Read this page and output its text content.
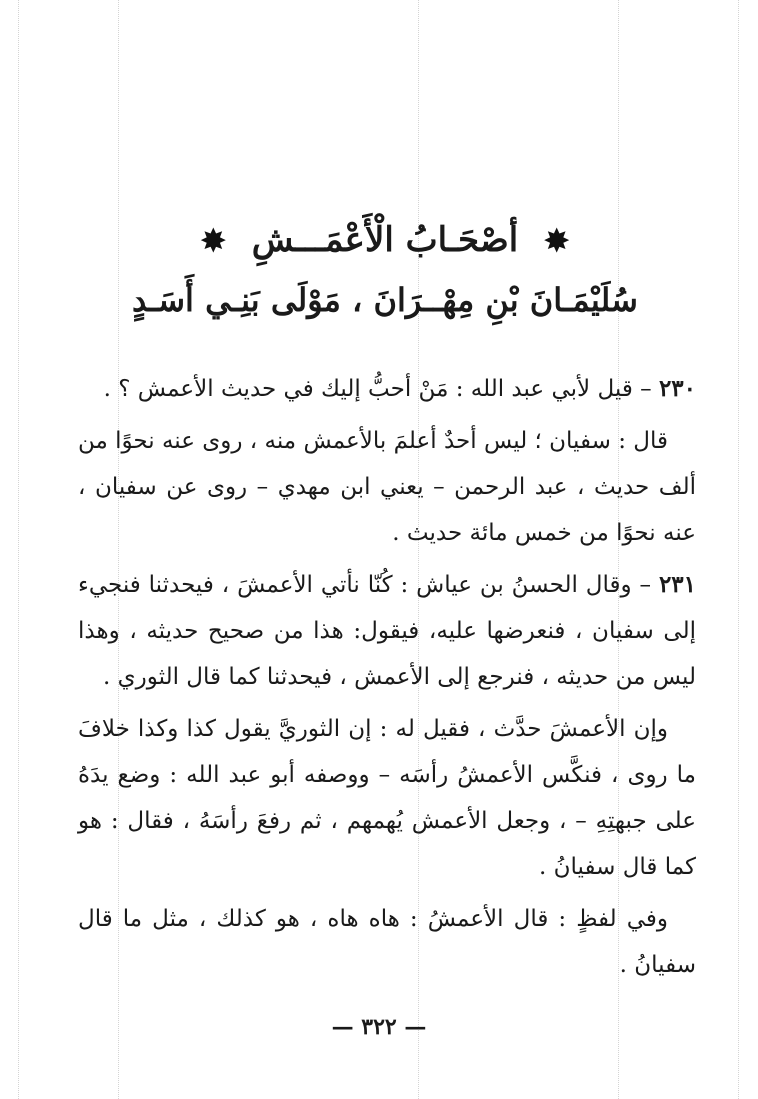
✸ أصْحَـابُ الْأَعْمَـــشِ ✸
سُلَيْمَـانَ بْنِ مِهْــرَانَ ، مَوْلَى بَنِـي أَسَـدٍ

٢٣٠ – قيل لأبي عبد الله : مَنْ أحبُّ إليك في حديث الأعمش ؟ .

قال : سفيان ؛ ليس أحدٌ أعلمَ بالأعمش منه ، روى عنه نحوًا من ألف حديث ، عبد الرحمن – يعني ابن مهدي – روى عن سفيان ، عنه نحوًا من خمس مائة حديث .

٢٣١ – وقال الحسنُ بن عياش : كُنّا نأتي الأعمشَ ، فيحدثنا فنجيء إلى سفيان ، فنعرضها عليه، فيقول: هذا من صحيح حديثه ، وهذا ليس من حديثه ، فنرجع إلى الأعمش ، فيحدثنا كما قال الثوري .

وإن الأعمشَ حدَّث ، فقيل له : إن الثوريَّ يقول كذا وكذا خلافَ ما روى ، فنكَّس الأعمشُ رأسَه – ووصفه أبو عبد الله : وضع يدَهُ على جبهتِهِ – ، وجعل الأعمش يُهمهم ، ثم رفعَ رأسَهُ ، فقال : هو كما قال سفيانُ .

وفي لفظٍ : قال الأعمشُ : هاه هاه ، هو كذلك ، مثل ما قال سفيانُ .

— ٣٢٢ —
